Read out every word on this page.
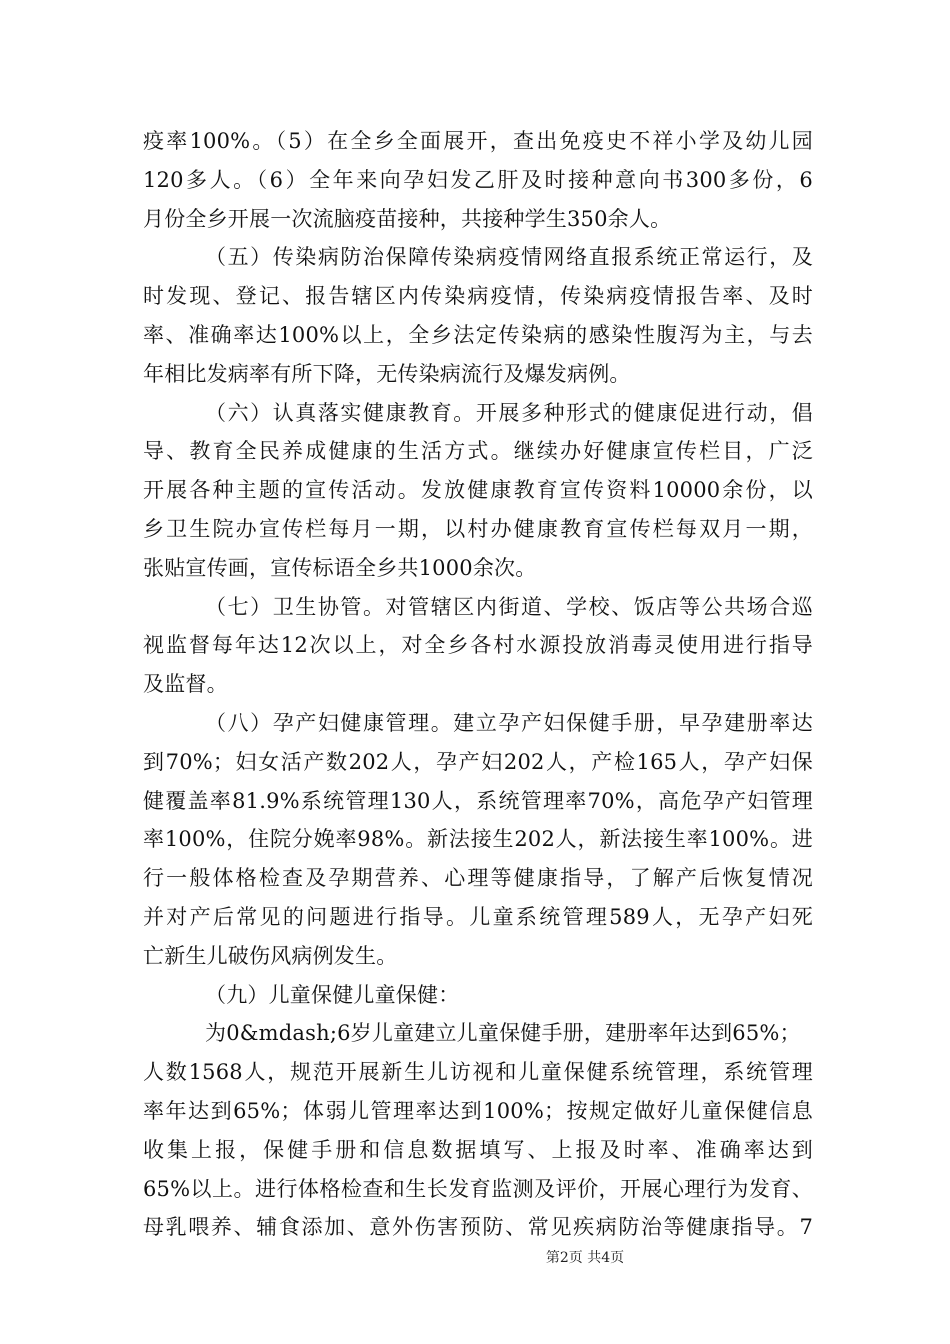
疫率100%。（5）在全乡全面展开，查出免疫史不祥小学及幼儿园
120多人。（6）全年来向孕妇发乙肝及时接种意向书300多份，6
月份全乡开展一次流脑疫苗接种，共接种学生350余人。
（五）传染病防治保障传染病疫情网络直报系统正常运行，及
时发现、登记、报告辖区内传染病疫情，传染病疫情报告率、及时
率、准确率达100%以上，全乡法定传染病的感染性腹泻为主，与去
年相比发病率有所下降，无传染病流行及爆发病例。
（六）认真落实健康教育。开展多种形式的健康促进行动，倡
导、教育全民养成健康的生活方式。继续办好健康宣传栏目，广泛
开展各种主题的宣传活动。发放健康教育宣传资料10000余份，以
乡卫生院办宣传栏每月一期，以村办健康教育宣传栏每双月一期，
张贴宣传画，宣传标语全乡共1000余次。
（七）卫生协管。对管辖区内街道、学校、饭店等公共场合巡
视监督每年达12次以上，对全乡各村水源投放消毒灵使用进行指导
及监督。
（八）孕产妇健康管理。建立孕产妇保健手册，早孕建册率达
到70%；妇女活产数202人，孕产妇202人，产检165人，孕产妇保
健覆盖率81.9%系统管理130人，系统管理率70%，高危孕产妇管理
率100%，住院分娩率98%。新法接生202人，新法接生率100%。进
行一般体格检查及孕期营养、心理等健康指导，了解产后恢复情况
并对产后常见的问题进行指导。儿童系统管理589人，无孕产妇死
亡新生儿破伤风病例发生。
（九）儿童保健儿童保健：
为0&mdash;6岁儿童建立儿童保健手册，建册率年达到65%；
人数1568人，规范开展新生儿访视和儿童保健系统管理，系统管理
率年达到65%；体弱儿管理率达到100%；按规定做好儿童保健信息
收集上报，保健手册和信息数据填写、上报及时率、准确率达到
65%以上。进行体格检查和生长发育监测及评价，开展心理行为发育、
母乳喂养、辅食添加、意外伤害预防、常见疾病防治等健康指导。7
第2页 共4页
